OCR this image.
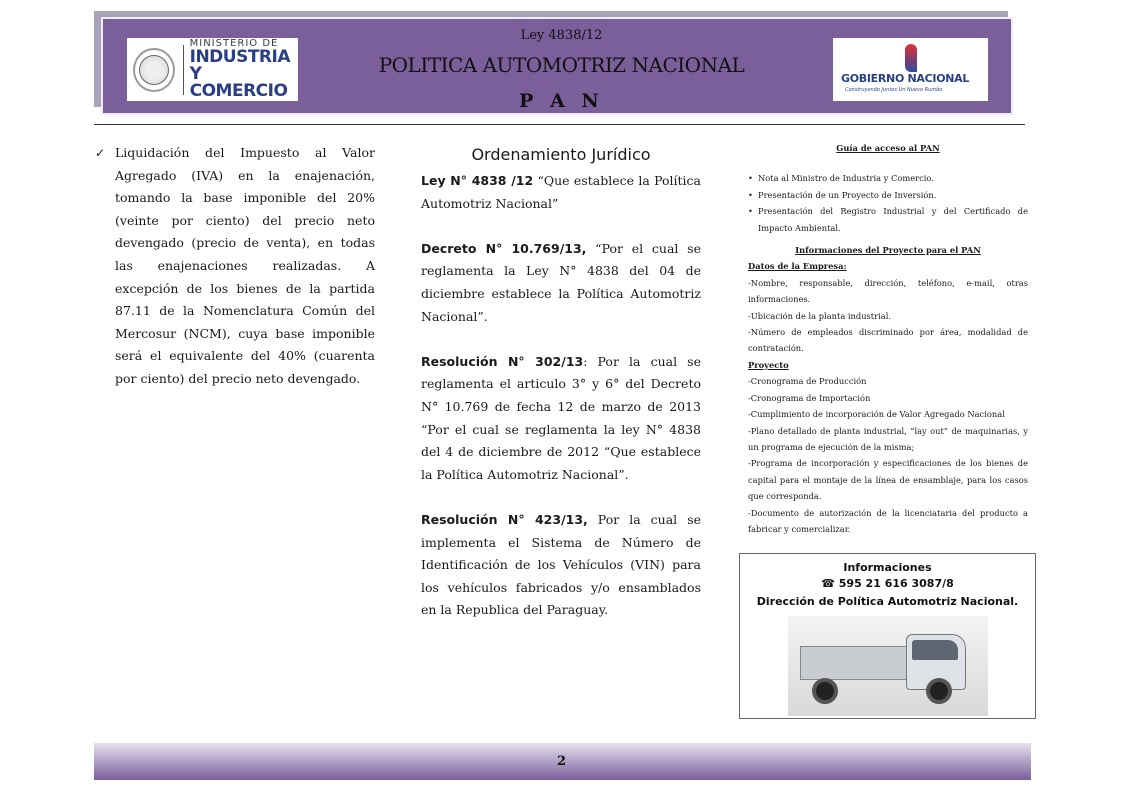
MINISTERIO DE
INDUSTRIA
Y COMERCIO
GOBIERNO NACIONAL
Construyendo Juntos Un Nuevo Rumbo
Ley 4838/12
POLITICA AUTOMOTRIZ NACIONAL
P A N
✓ Liquidación del Impuesto al Valor Agregado (IVA) en la enajenación, tomando la base imponible del 20% (veinte por ciento) del precio neto devengado (precio de venta), en todas las enajenaciones realizadas. A excepción de los bienes de la partida 87.11 de la Nomenclatura Común del Mercosur (NCM), cuya base imponible será el equivalente del 40% (cuarenta por ciento) del precio neto devengado.

Ordenamiento Jurídico

Ley N° 4838 /12 “Que establece la Política Automotriz Nacional”

Decreto N° 10.769/13, “Por el cual se reglamenta la Ley N° 4838 del 04 de diciembre establece la Política Automotriz Nacional”.

Resolución N° 302/13: Por la cual se reglamenta el articulo 3° y 6° del Decreto N° 10.769 de fecha 12 de marzo de 2013 “Por el cual se reglamenta la ley N° 4838 del 4 de diciembre de 2012 “Que establece la Política Automotriz Nacional”.

Resolución N° 423/13, Por la cual se implementa el Sistema de Número de Identificación de los Vehículos (VIN) para los vehículos fabricados y/o ensamblados en la Republica del Paraguay.

Guía de acceso al PAN
• Nota al Ministro de Industria y Comercio.
• Presentación de un Proyecto de Inversión.
• Presentación del Registro Industrial y del Certificado de Impacto Ambiental.
Informaciones del Proyecto para el PAN
Datos de la Empresa:
-Nombre, responsable, dirección, teléfono, e-mail, otras informaciones.
-Ubicación de la planta industrial.
-Número de empleados discriminado por área, modalidad de contratación.
Proyecto
-Cronograma de Producción
-Cronograma de Importación
-Cumplimiento de incorporación de Valor Agregado Nacional
-Plano detallado de planta industrial, “lay out” de maquinarias, y un programa de ejecución de la misma;
-Programa de incorporación y especificaciones de los bienes de capital para el montaje de la línea de ensamblaje, para los casos que corresponda.
-Documento de autorización de la licenciataria del producto a fabricar y comercializar.
Informaciones
☎ 595 21 616 3087/8
Dirección de Política Automotriz Nacional.
2
